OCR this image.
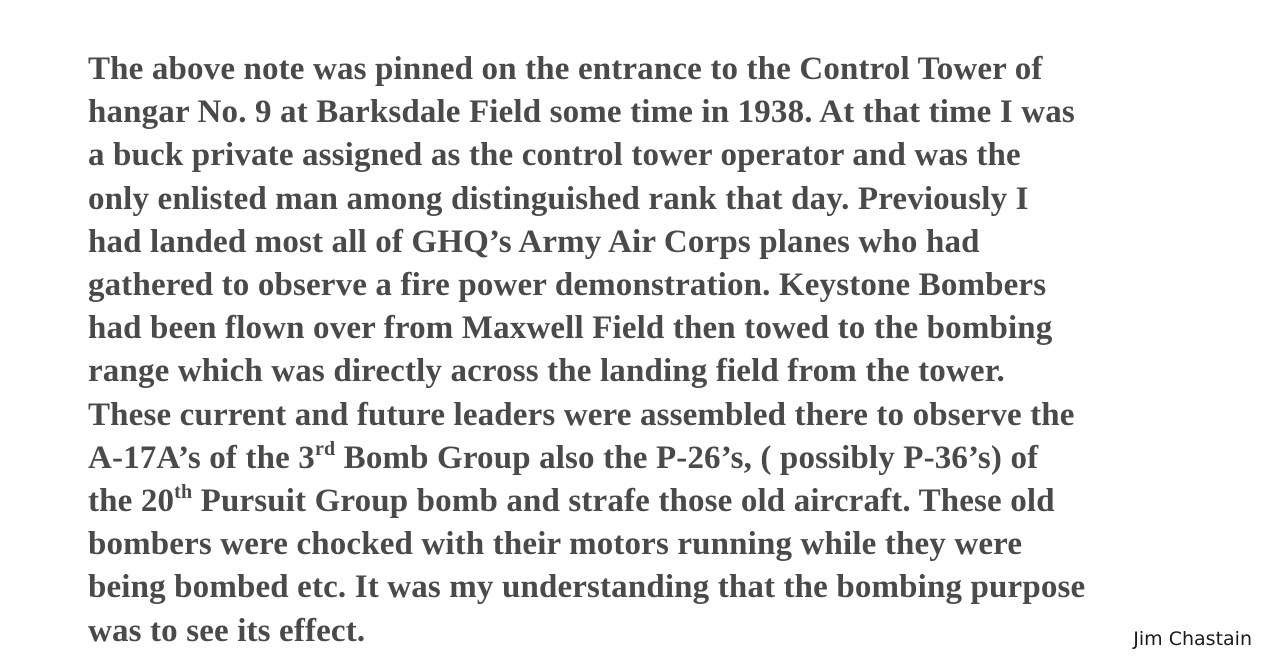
The above note was pinned on the entrance to the Control Tower of
hangar No. 9 at Barksdale Field some time in 1938. At that time I was
a buck private assigned as the control tower operator and was the
only enlisted man among distinguished rank that day. Previously I
had landed most all of GHQ’s Army Air Corps planes who had
gathered to observe a fire power demonstration. Keystone Bombers
had been flown over from Maxwell Field then towed to the bombing
range which was directly across the landing field from the tower.
These current and future leaders were assembled there to observe the
A-17A’s of the 3rd Bomb Group also the P-26’s, ( possibly P-36’s) of
the 20th Pursuit Group bomb and strafe those old aircraft. These old
bombers were chocked with their motors running while they were
being bombed etc. It was my understanding that the bombing purpose
was to see its effect.	Jim Chastain
